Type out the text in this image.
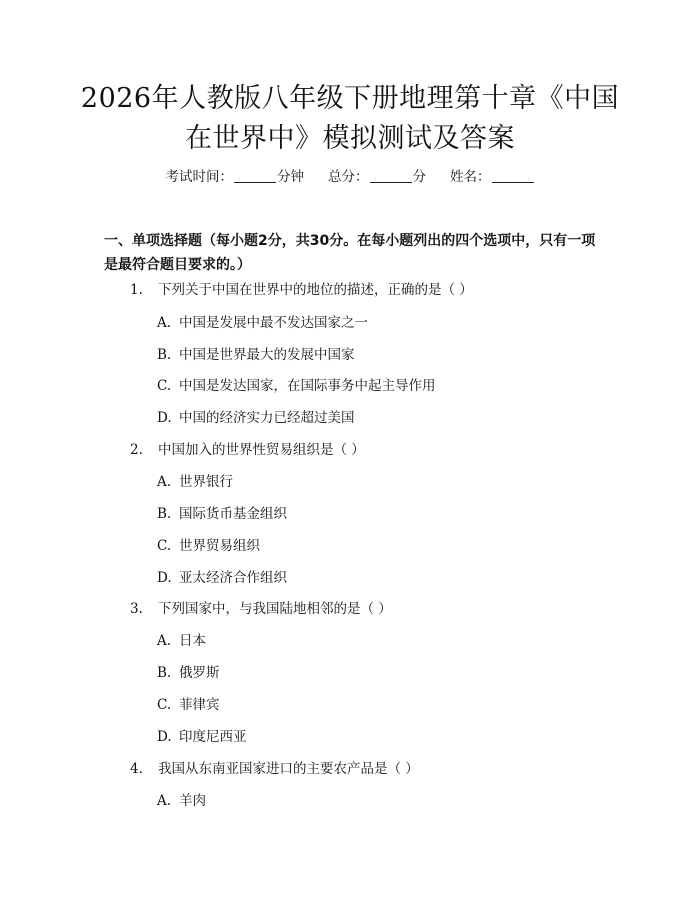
2026年人教版八年级下册地理第十章《中国
在世界中》模拟测试及答案
考试时间：	分钟 总分：	分 姓名：
一、单项选择题（每小题2分，共30分。在每小题列出的四个选项中，只有一项是最符合题目要求的。）
1. 下列关于中国在世界中的地位的描述，正确的是（ ）
A. 中国是发展中最不发达国家之一
B. 中国是世界最大的发展中国家
C. 中国是发达国家，在国际事务中起主导作用
D. 中国的经济实力已经超过美国
2. 中国加入的世界性贸易组织是（ ）
A. 世界银行
B. 国际货币基金组织
C. 世界贸易组织
D. 亚太经济合作组织
3. 下列国家中，与我国陆地相邻的是（ ）
A. 日本
B. 俄罗斯
C. 菲律宾
D. 印度尼西亚
4. 我国从东南亚国家进口的主要农产品是（ ）
A. 羊肉
